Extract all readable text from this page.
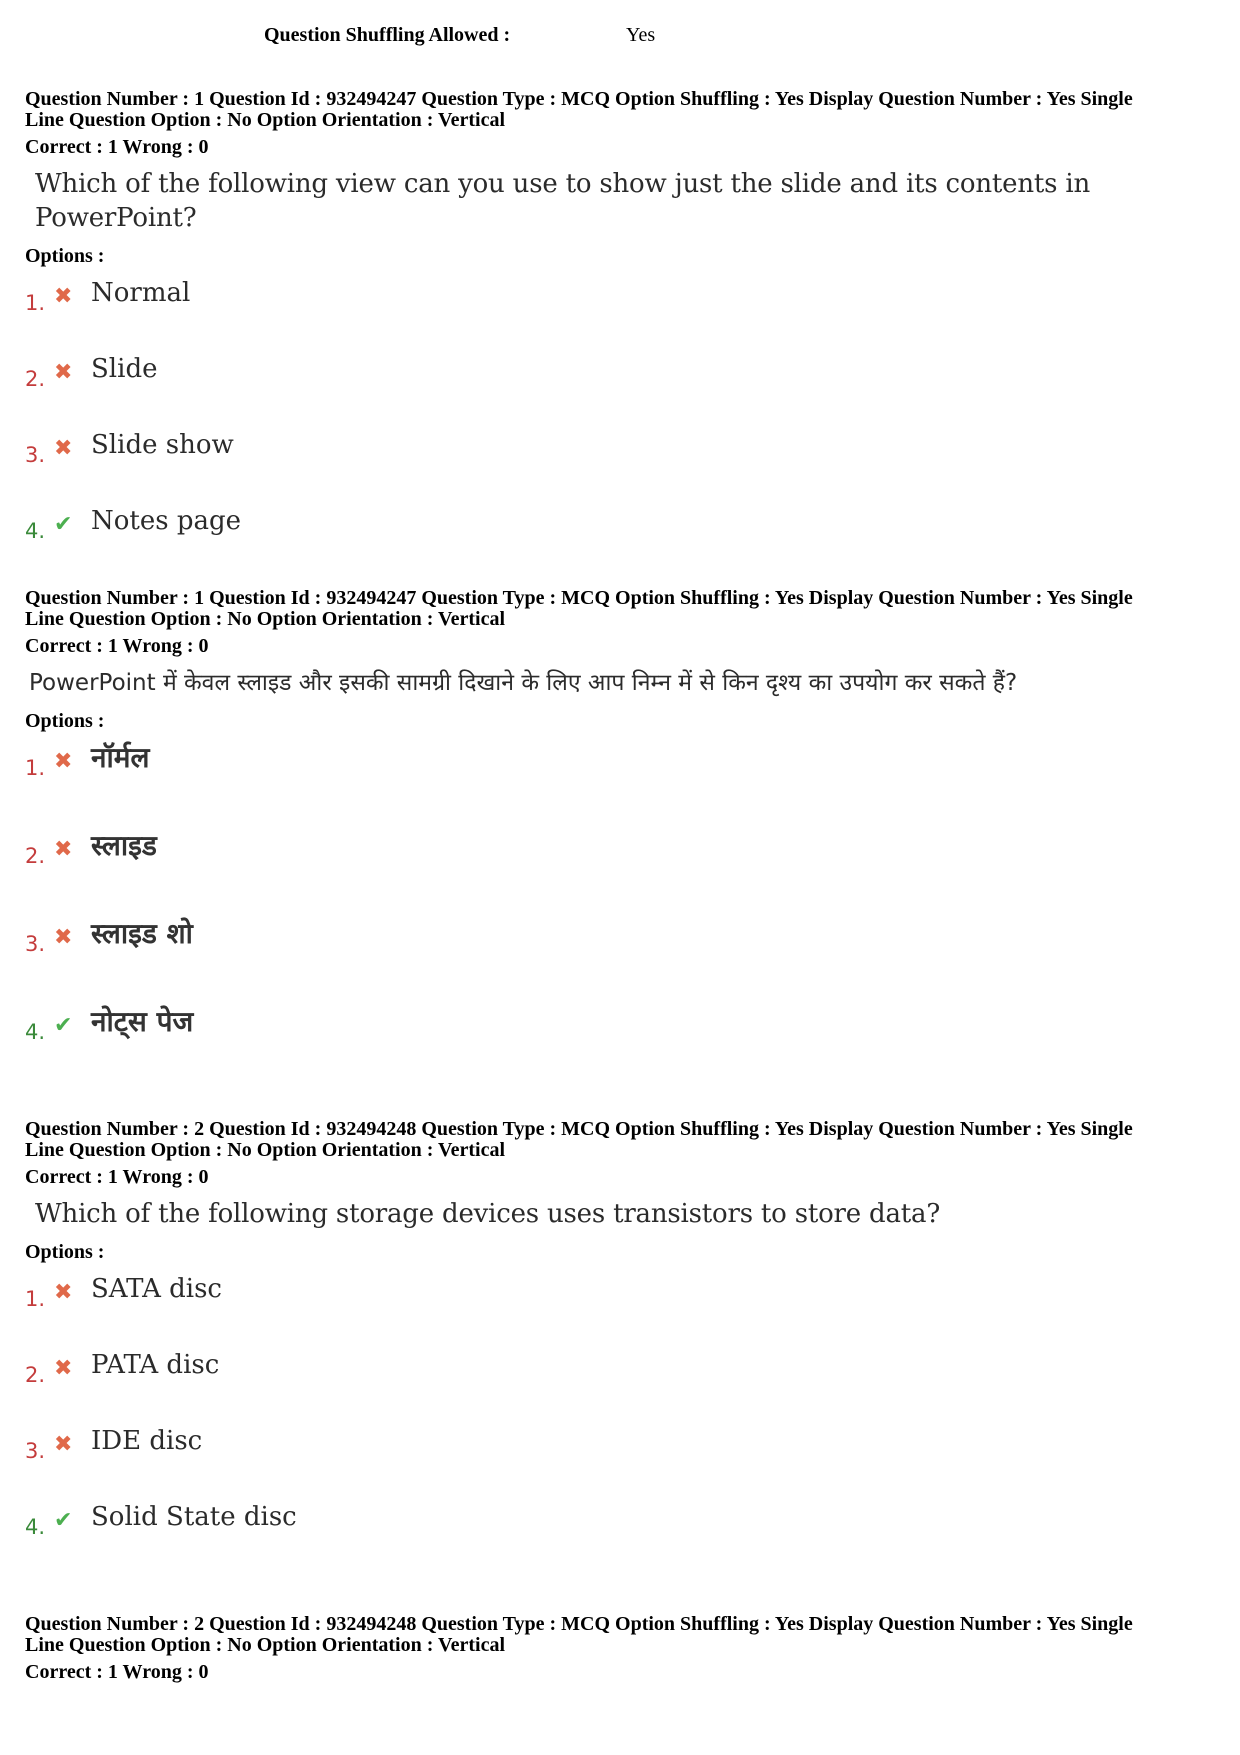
Question Shuffling Allowed :	Yes

Question Number : 1 Question Id : 932494247 Question Type : MCQ Option Shuffling : Yes Display Question Number : Yes Single

Line Question Option : No Option Orientation : Vertical

Correct : 1 Wrong : 0
Which of the following view can you use to show just the slide and its contents in PowerPoint?
Options :
1. ✖ Normal
2. ✖ Slide
3. ✖ Slide show
4. ✔ Notes page

Question Number : 1 Question Id : 932494247 Question Type : MCQ Option Shuffling : Yes Display Question Number : Yes Single

Line Question Option : No Option Orientation : Vertical

Correct : 1 Wrong : 0
PowerPoint में केवल स्लाइड और इसकी सामग्री दिखाने के लिए आप निम्न में से किन दृश्य का उपयोग कर सकते हैं?
Options :
1. ✖ नॉर्मल
2. ✖ स्लाइड
3. ✖ स्लाइड शो
4. ✔ नोट्स पेज

Question Number : 2 Question Id : 932494248 Question Type : MCQ Option Shuffling : Yes Display Question Number : Yes Single

Line Question Option : No Option Orientation : Vertical

Correct : 1 Wrong : 0
Which of the following storage devices uses transistors to store data?
Options :
1. ✖ SATA disc
2. ✖ PATA disc
3. ✖ IDE disc
4. ✔ Solid State disc

Question Number : 2 Question Id : 932494248 Question Type : MCQ Option Shuffling : Yes Display Question Number : Yes Single

Line Question Option : No Option Orientation : Vertical

Correct : 1 Wrong : 0
